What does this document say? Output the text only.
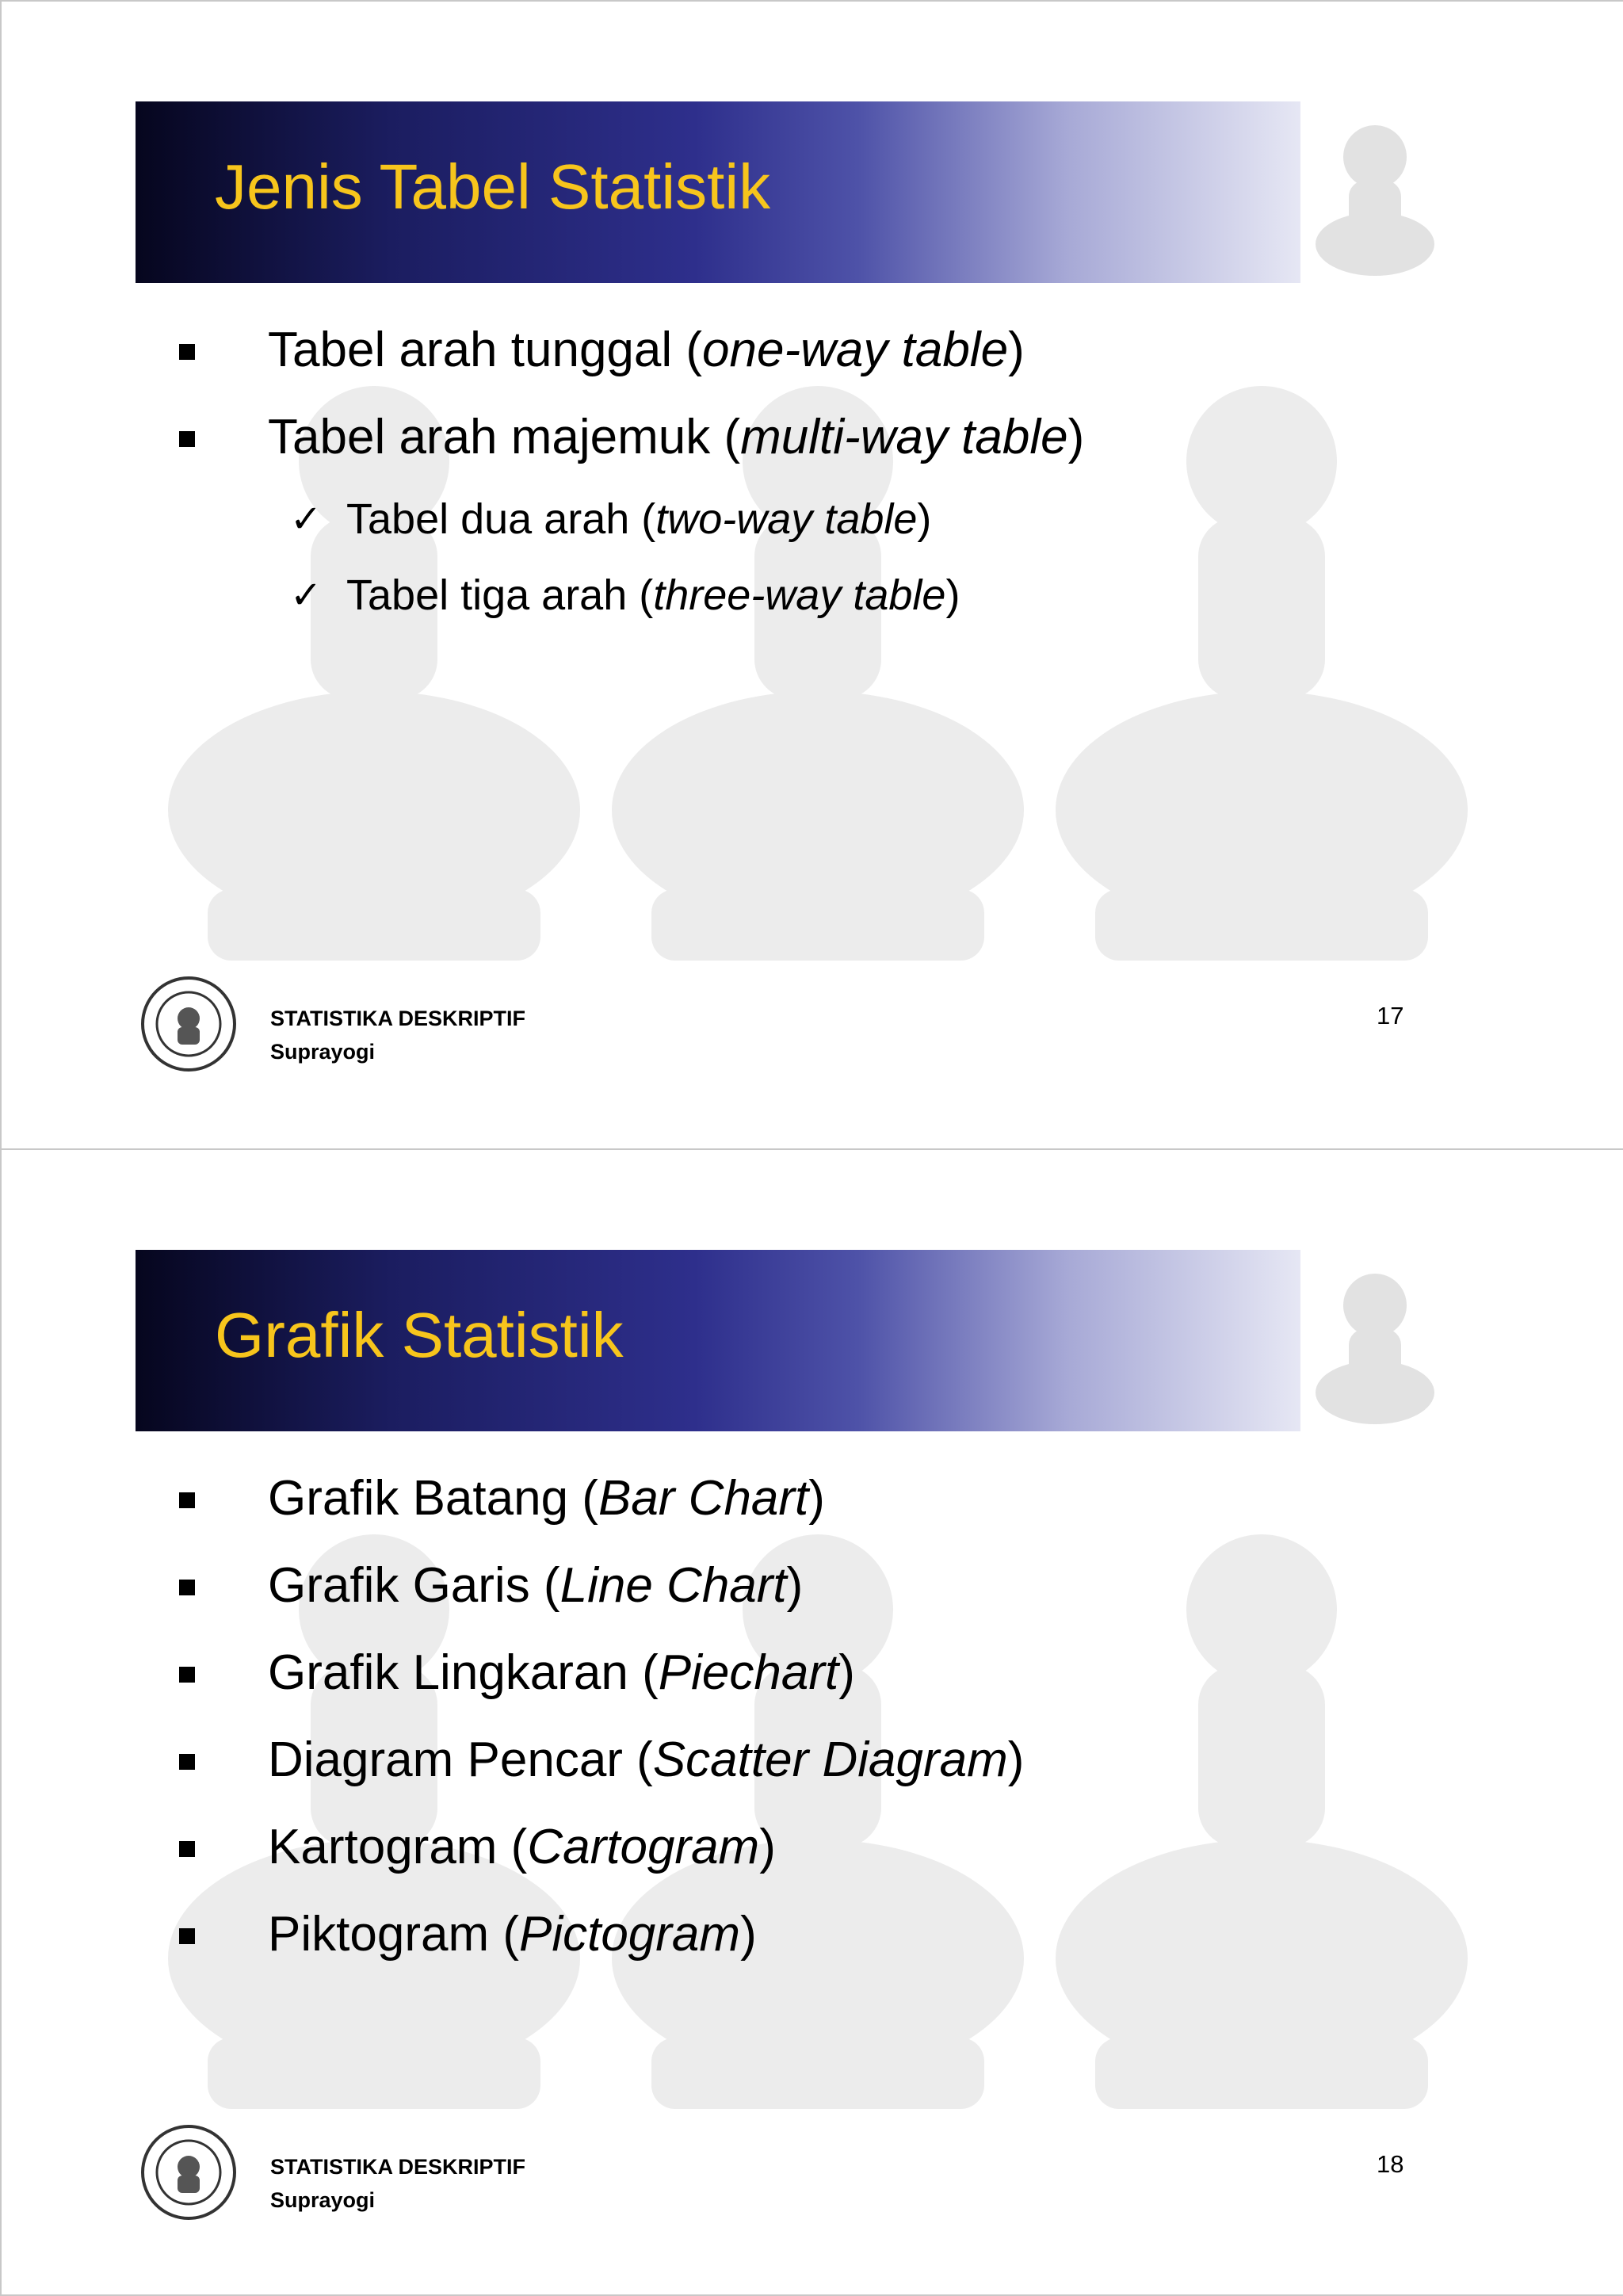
Jenis Tabel Statistik
Tabel arah tunggal (one-way table)
Tabel arah majemuk (multi-way table)
✓ Tabel dua arah (two-way table)
✓ Tabel tiga arah (three-way table)
STATISTIKA DESKRIPTIF
Suprayogi
17
Grafik Statistik
Grafik Batang (Bar Chart)
Grafik Garis (Line Chart)
Grafik Lingkaran (Piechart)
Diagram Pencar (Scatter Diagram)
Kartogram (Cartogram)
Piktogram (Pictogram)
STATISTIKA DESKRIPTIF
Suprayogi
18
